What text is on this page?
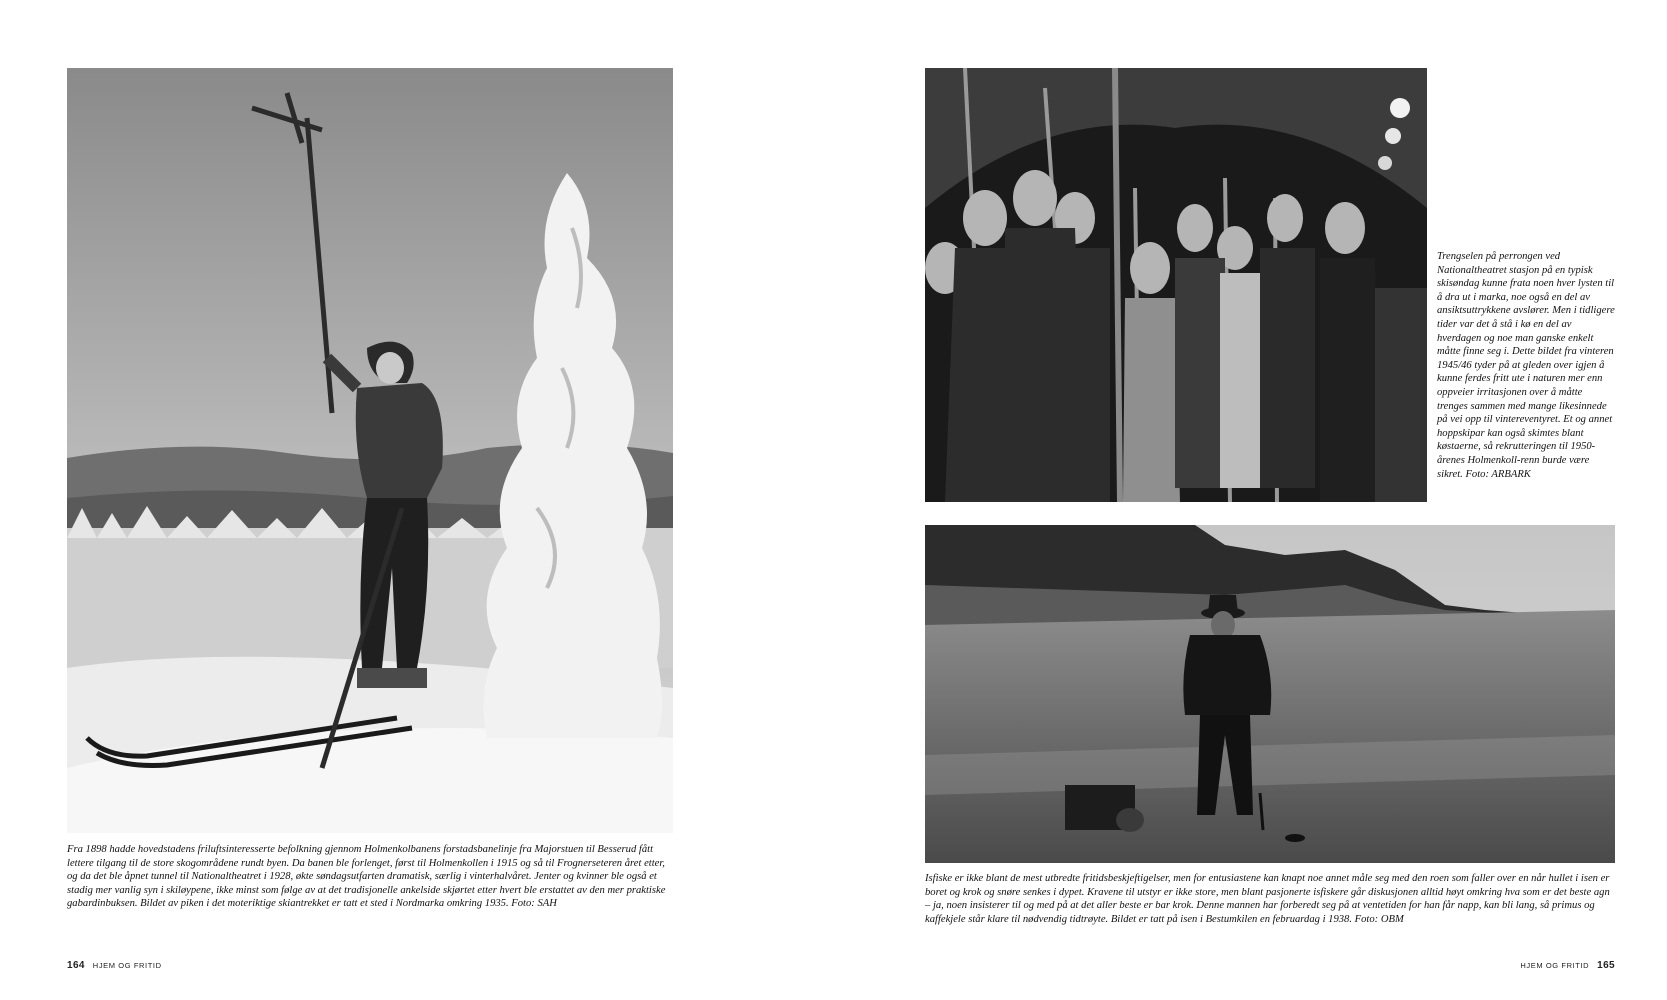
Fra 1898 hadde hovedstadens friluftsinteresserte befolkning gjennom Holmenkolbanens forstadsbanelinje fra Majorstuen til Besserud fått lettere tilgang til de store skogområdene rundt byen. Da banen ble forlenget, først til Holmenkollen i 1915 og så til Frognerseteren året etter, og da det ble åpnet tunnel til Nationaltheatret i 1928, økte søndagsutfarten dramatisk, særlig i vinterhalvåret. Jenter og kvinner ble også et stadig mer vanlig syn i skiløypene, ikke minst som følge av at det tradisjonelle ankelside skjørtet etter hvert ble erstattet av den mer praktiske gabardinbuksen. Bildet av piken i det moteriktige skiantrekket er tatt et sted i Nordmarka omkring 1935. Foto: SAH

164 HJEM OG FRITID

Trengselen på perrongen ved Nationaltheatret stasjon på en typisk skisøndag kunne frata noen hver lysten til å dra ut i marka, noe også en del av ansiktsuttrykkene avslører. Men i tidligere tider var det å stå i kø en del av hverdagen og noe man ganske enkelt måtte finne seg i. Dette bildet fra vinteren 1945/46 tyder på at gleden over igjen å kunne ferdes fritt ute i naturen mer enn oppveier irritasjonen over å måtte trenges sammen med mange likesinnede på vei opp til vintereventyret. Et og annet hoppskipar kan også skimtes blant køstaerne, så rekrutteringen til 1950-årenes Holmenkoll-renn burde være sikret. Foto: ARBARK

Isfiske er ikke blant de mest utbredte fritidsbeskjeftigelser, men for entusiastene kan knapt noe annet måle seg med den roen som faller over en når hullet i isen er boret og krok og snøre senkes i dypet. Kravene til utstyr er ikke store, men blant pasjonerte isfiskere går diskusjonen alltid høyt omkring hva som er det beste agn – ja, noen insisterer til og med på at det aller beste er bar krok. Denne mannen har forberedt seg på at ventetiden for han får napp, kan bli lang, så primus og kaffekjele står klare til nødvendig tidtrøyte. Bildet er tatt på isen i Bestumkilen en februardag i 1938. Foto: OBM

HJEM OG FRITID 165
